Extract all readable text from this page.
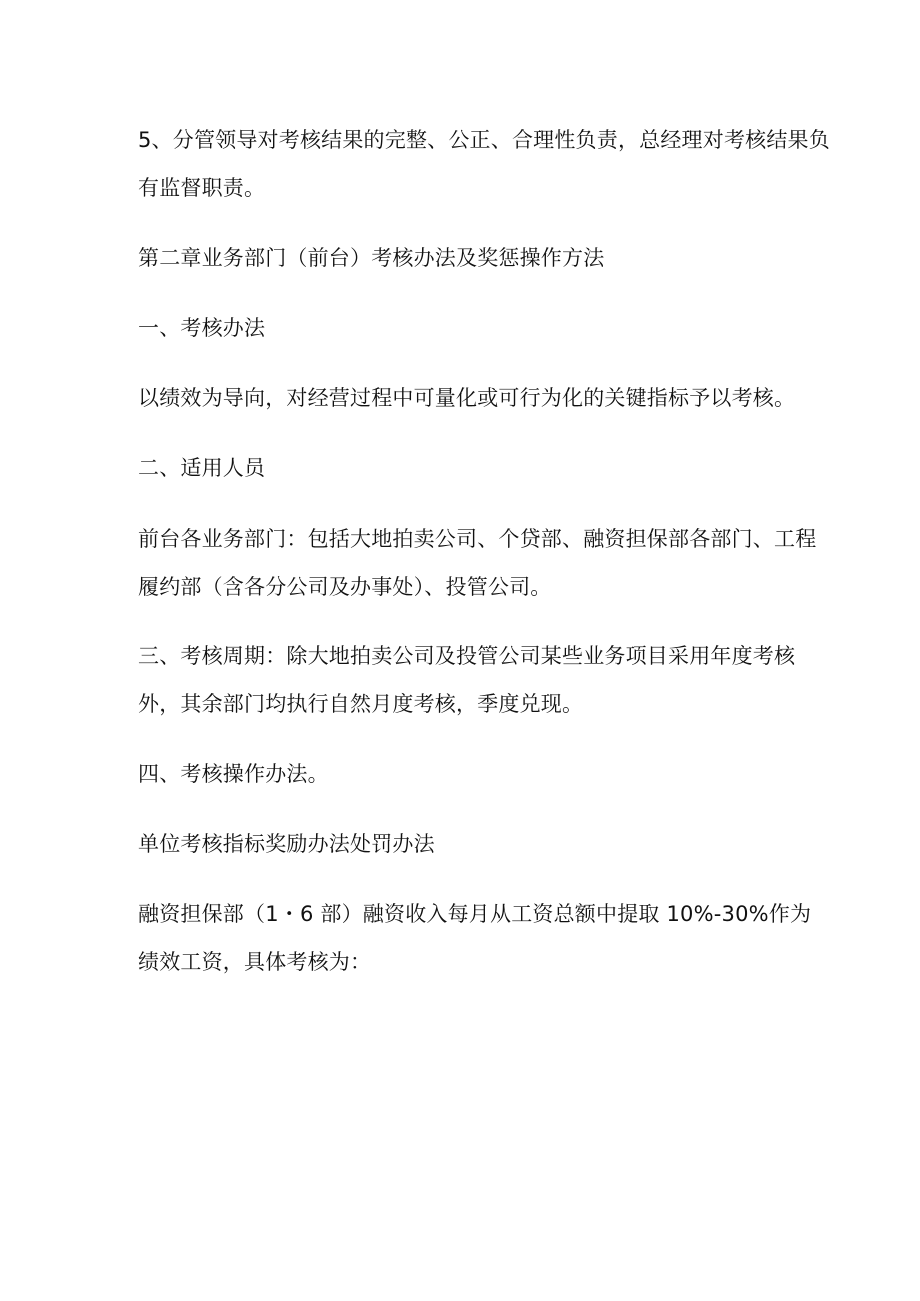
5、分管领导对考核结果的完整、公正、合理性负责，总经理对考核结果负
有监督职责。

第二章业务部门（前台）考核办法及奖惩操作方法

一、考核办法

以绩效为导向，对经营过程中可量化或可行为化的关键指标予以考核。

二、适用人员

前台各业务部门：包括大地拍卖公司、个贷部、融资担保部各部门、工程
履约部（含各分公司及办事处）、投管公司。

三、考核周期：除大地拍卖公司及投管公司某些业务项目采用年度考核
外，其余部门均执行自然月度考核，季度兑现。

四、考核操作办法。

单位考核指标奖励办法处罚办法

融资担保部（1・6 部）融资收入每月从工资总额中提取 10%-30%作为
绩效工资，具体考核为：
